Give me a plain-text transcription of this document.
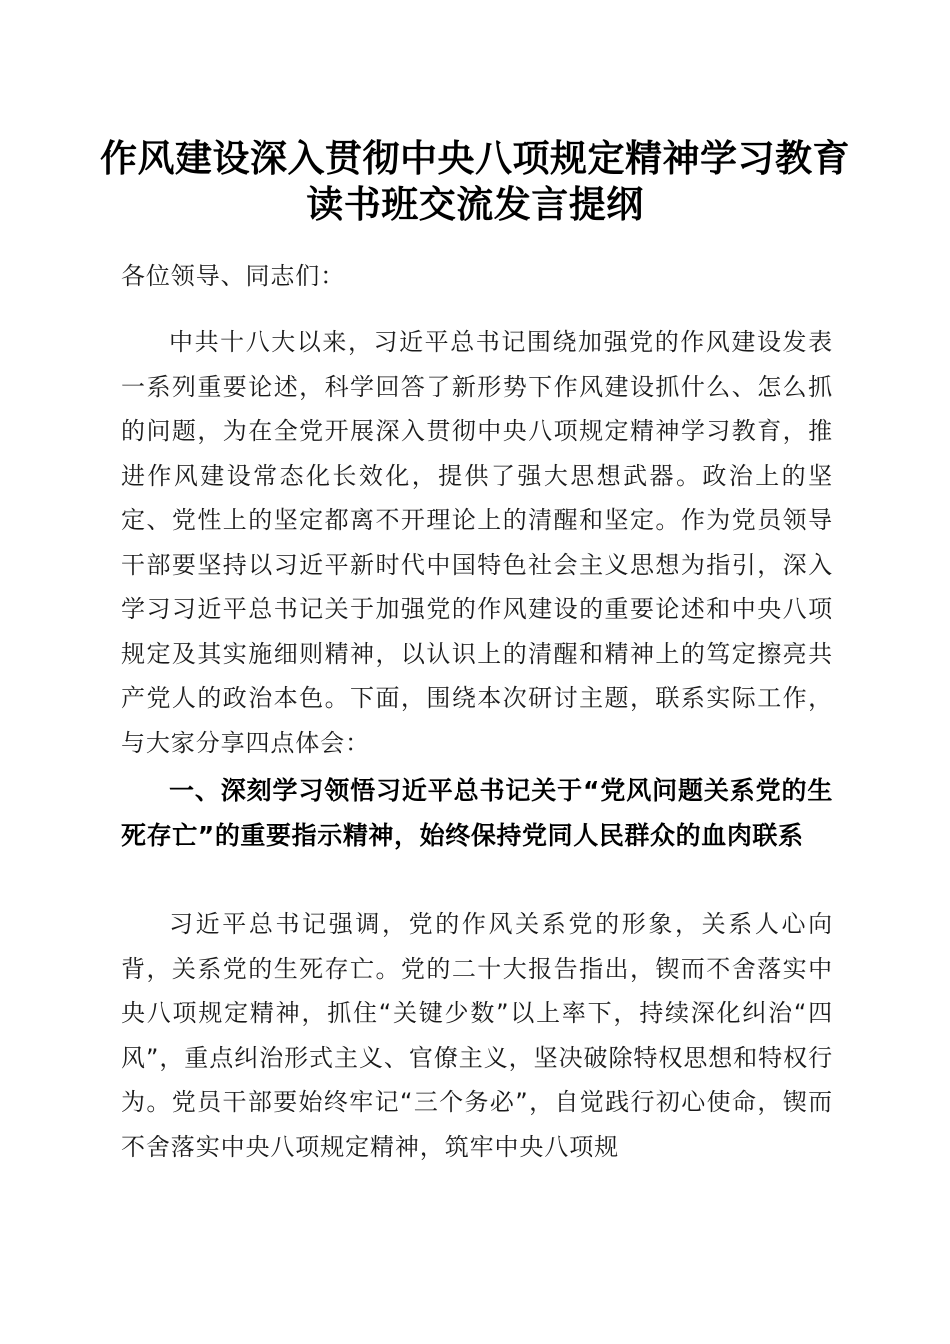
作风建设深入贯彻中央八项规定精神学习教育
读书班交流发言提纲

各位领导、同志们：

中共十八大以来，习近平总书记围绕加强党的作风建设发表一系列重要论述，科学回答了新形势下作风建设抓什么、怎么抓的问题，为在全党开展深入贯彻中央八项规定精神学习教育，推进作风建设常态化长效化，提供了强大思想武器。政治上的坚定、党性上的坚定都离不开理论上的清醒和坚定。作为党员领导干部要坚持以习近平新时代中国特色社会主义思想为指引，深入学习习近平总书记关于加强党的作风建设的重要论述和中央八项规定及其实施细则精神，以认识上的清醒和精神上的笃定擦亮共产党人的政治本色。下面，围绕本次研讨主题，联系实际工作，与大家分享四点体会：

一、深刻学习领悟习近平总书记关于“党风问题关系党的生死存亡”的重要指示精神，始终保持党同人民群众的血肉联系

习近平总书记强调，党的作风关系党的形象，关系人心向背，关系党的生死存亡。党的二十大报告指出，锲而不舍落实中央八项规定精神，抓住“关键少数”以上率下，持续深化纠治“四风”，重点纠治形式主义、官僚主义，坚决破除特权思想和特权行为。党员干部要始终牢记“三个务必”，自觉践行初心使命，锲而不舍落实中央八项规定精神，筑牢中央八项规
